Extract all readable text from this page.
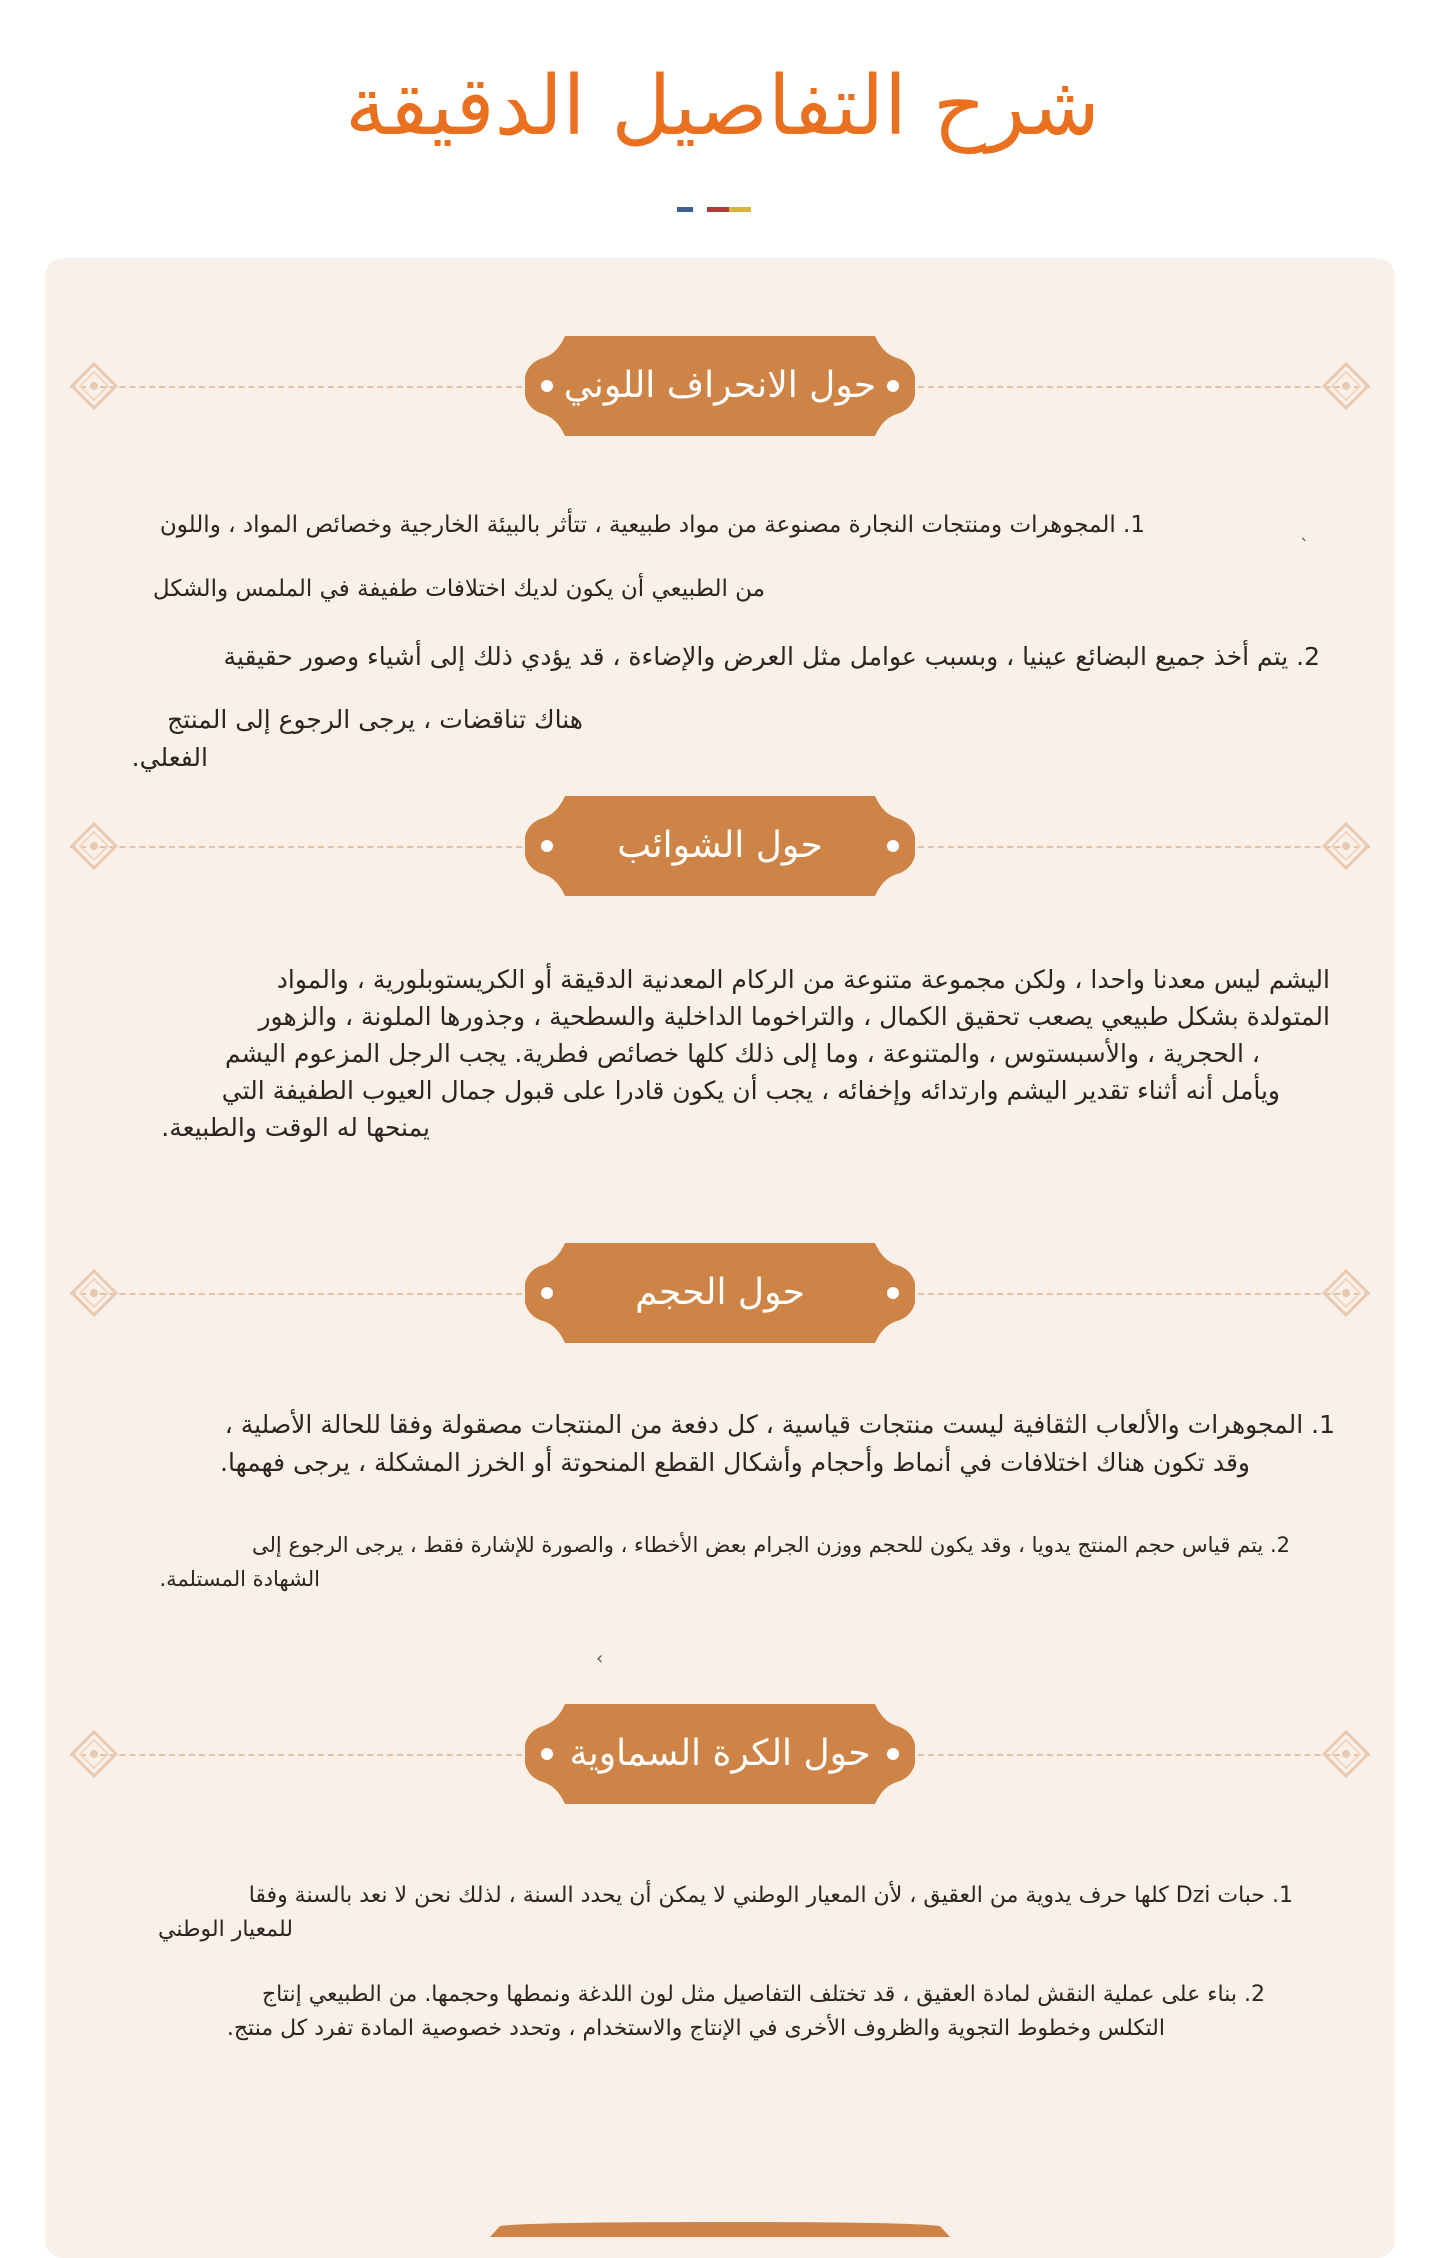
شرح التفاصيل الدقيقة
حول الانحراف اللوني
1. المجوهرات ومنتجات النجارة مصنوعة من مواد طبيعية ، تتأثر بالبيئة الخارجية وخصائص المواد ، واللون
من الطبيعي أن يكون لديك اختلافات طفيفة في الملمس والشكل
2. يتم أخذ جميع البضائع عينيا ، وبسبب عوامل مثل العرض والإضاءة ، قد يؤدي ذلك إلى أشياء وصور حقيقية
هناك تناقضات ، يرجى الرجوع إلى المنتج
الفعلي.
ˋ
حول الشوائب
اليشم ليس معدنا واحدا ، ولكن مجموعة متنوعة من الركام المعدنية الدقيقة أو الكريستوبلورية ، والمواد
المتولدة بشكل طبيعي يصعب تحقيق الكمال ، والتراخوما الداخلية والسطحية ، وجذورها الملونة ، والزهور
، الحجرية ، والأسبستوس ، والمتنوعة ، وما إلى ذلك كلها خصائص فطرية. يجب الرجل المزعوم اليشم
ويأمل أنه أثناء تقدير اليشم وارتدائه وإخفائه ، يجب أن يكون قادرا على قبول جمال العيوب الطفيفة التي
يمنحها له الوقت والطبيعة.
حول الحجم
1. المجوهرات والألعاب الثقافية ليست منتجات قياسية ، كل دفعة من المنتجات مصقولة وفقا للحالة الأصلية ،
وقد تكون هناك اختلافات في أنماط وأحجام وأشكال القطع المنحوتة أو الخرز المشكلة ، يرجى فهمها.
2. يتم قياس حجم المنتج يدويا ، وقد يكون للحجم ووزن الجرام بعض الأخطاء ، والصورة للإشارة فقط ، يرجى الرجوع إلى
الشهادة المستلمة.
‹
حول الكرة السماوية
1. حبات Dzi كلها حرف يدوية من العقيق ، لأن المعيار الوطني لا يمكن أن يحدد السنة ، لذلك نحن لا نعد بالسنة وفقا
للمعيار الوطني
2. بناء على عملية النقش لمادة العقيق ، قد تختلف التفاصيل مثل لون اللدغة ونمطها وحجمها. من الطبيعي إنتاج
التكلس وخطوط التجوية والظروف الأخرى في الإنتاج والاستخدام ، وتحدد خصوصية المادة تفرد كل منتج.
